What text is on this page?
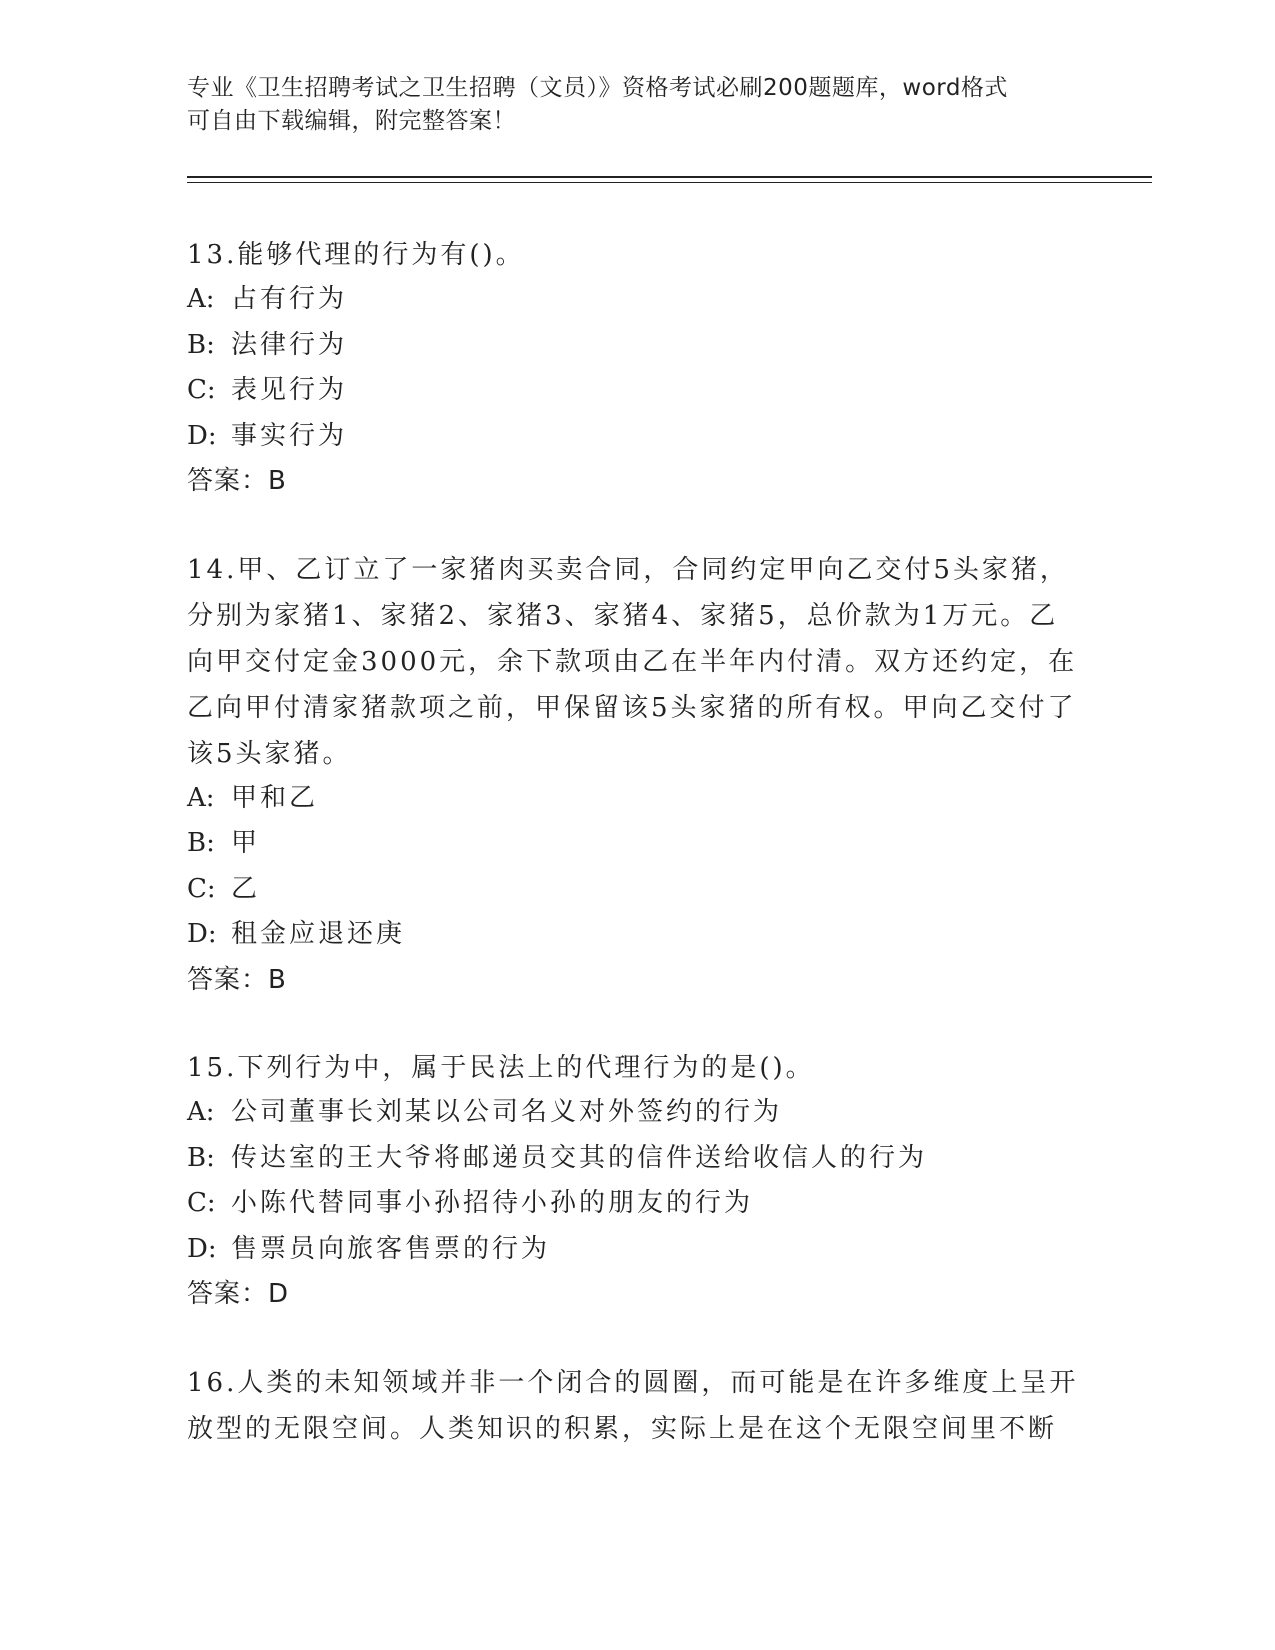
专业《卫生招聘考试之卫生招聘（文员）》资格考试必刷200题题库，word格式
可自由下载编辑，附完整答案！
13.能够代理的行为有()。
A: 占有行为
B: 法律行为
C: 表见行为
D: 事实行为
答案：B
14.甲、乙订立了一家猪肉买卖合同，合同约定甲向乙交付5头家猪，分别为家猪1、家猪2、家猪3、家猪4、家猪5，总价款为1万元。乙向甲交付定金3000元，余下款项由乙在半年内付清。双方还约定，在乙向甲付清家猪款项之前，甲保留该5头家猪的所有权。甲向乙交付了该5头家猪。
A: 甲和乙
B: 甲
C: 乙
D: 租金应退还庚
答案：B
15.下列行为中，属于民法上的代理行为的是()。
A: 公司董事长刘某以公司名义对外签约的行为
B: 传达室的王大爷将邮递员交其的信件送给收信人的行为
C: 小陈代替同事小孙招待小孙的朋友的行为
D: 售票员向旅客售票的行为
答案：D
16.人类的未知领域并非一个闭合的圆圈，而可能是在许多维度上呈开放型的无限空间。人类知识的积累，实际上是在这个无限空间里不断
